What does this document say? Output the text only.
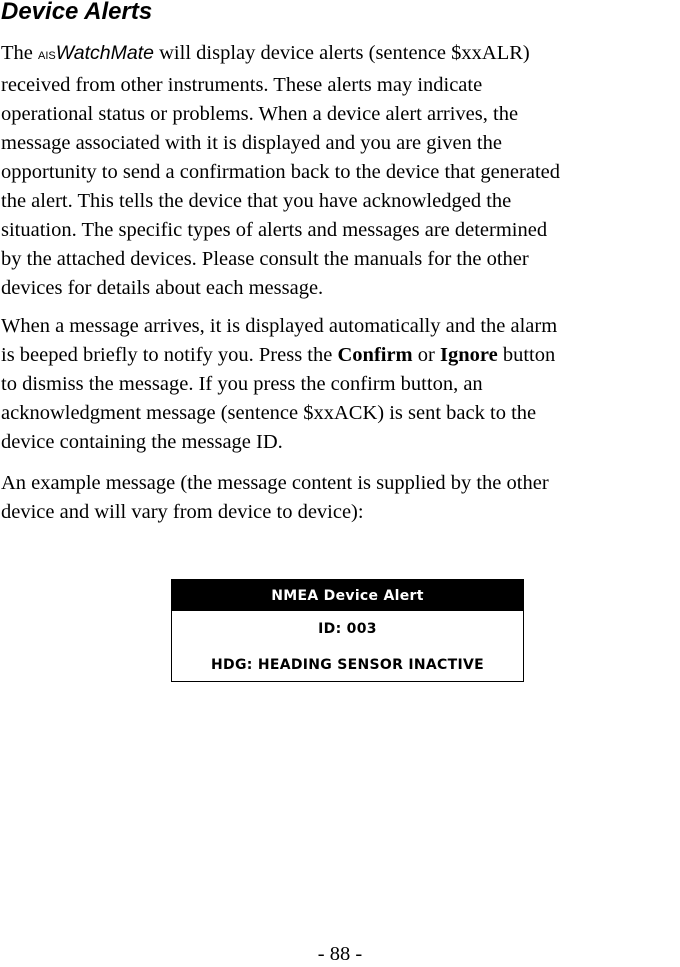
Device Alerts

The AISWatchMate will display device alerts (sentence $xxALR)
received from other instruments. These alerts may indicate
operational status or problems. When a device alert arrives, the
message associated with it is displayed and you are given the
opportunity to send a confirmation back to the device that generated
the alert. This tells the device that you have acknowledged the
situation. The specific types of alerts and messages are determined
by the attached devices. Please consult the manuals for the other
devices for details about each message.

When a message arrives, it is displayed automatically and the alarm
is beeped briefly to notify you. Press the Confirm or Ignore button
to dismiss the message. If you press the confirm button, an
acknowledgment message (sentence $xxACK) is sent back to the
device containing the message ID.

An example message (the message content is supplied by the other
device and will vary from device to device):

NMEA Device Alert
ID: 003
HDG: HEADING SENSOR INACTIVE
- 88 -
